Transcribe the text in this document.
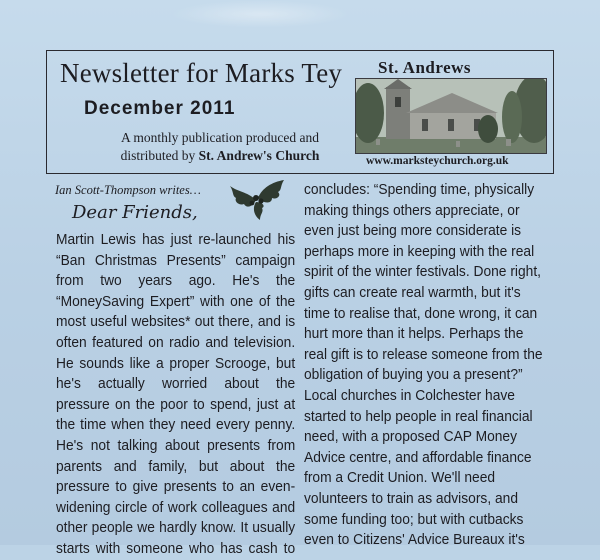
Newsletter for Marks Tey
December 2011
A monthly publication produced and
distributed by St. Andrew's Church
St. Andrews
www.marksteychurch.org.uk
Ian Scott-Thompson writes…
Dear Friends,
Martin Lewis has just re-launched his
“Ban Christmas Presents” campaign
from two years ago. He's the
“MoneySaving Expert” with one of the
most useful websites* out there, and is
often featured on radio and television.
He sounds like a proper Scrooge, but
he's actually worried about the
pressure on the poor to spend, just at
the time when they need every penny.
He's not talking about presents from
parents and family, but about the
pressure to give presents to an even-
widening circle of work colleagues and
other people we hardly know. It usually
starts with someone who has cash to
concludes: “Spending time, physically
making things others appreciate, or
even just being more considerate is
perhaps more in keeping with the real
spirit of the winter festivals. Done right,
gifts can create real warmth, but it's
time to realise that, done wrong, it can
hurt more than it helps. Perhaps the
real gift is to release someone from the
obligation of buying you a present?”
Local churches in Colchester have
started to help people in real financial
need, with a proposed CAP Money
Advice centre, and affordable finance
from a Credit Union. We'll need
volunteers to train as advisors, and
some funding too; but with cutbacks
even to Citizens' Advice Bureaux it's
